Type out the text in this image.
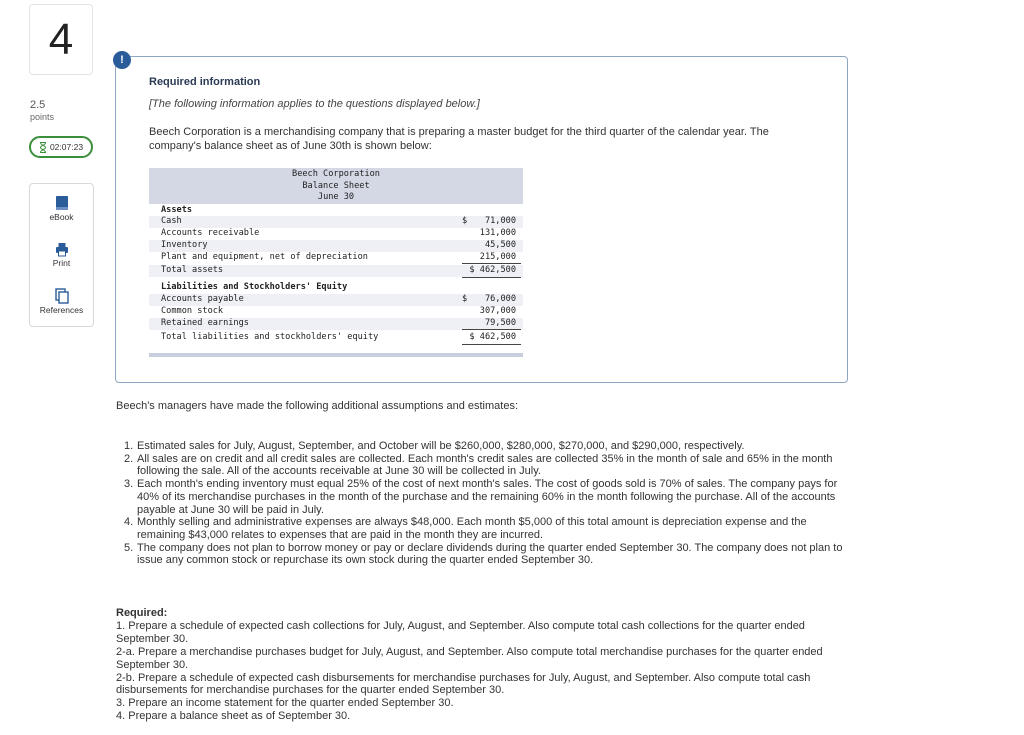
4
2.5
points
02:07:23
eBook
Print
References
!
Required information
[The following information applies to the questions displayed below.]
Beech Corporation is a merchandising company that is preparing a master budget for the third quarter of the calendar year. The company's balance sheet as of June 30th is shown below:
Beech Corporation
Balance Sheet
June 30
Assets
Cash	$ 71,000
Accounts receivable	131,000
Inventory	45,500
Plant and equipment, net of depreciation	215,000
Total assets	$ 462,500
Liabilities and Stockholders' Equity
Accounts payable	$ 76,000
Common stock	307,000
Retained earnings	79,500
Total liabilities and stockholders' equity	$ 462,500
Beech's managers have made the following additional assumptions and estimates:
1. Estimated sales for July, August, September, and October will be $260,000, $280,000, $270,000, and $290,000, respectively.
2. All sales are on credit and all credit sales are collected. Each month's credit sales are collected 35% in the month of sale and 65% in the month following the sale. All of the accounts receivable at June 30 will be collected in July.
3. Each month's ending inventory must equal 25% of the cost of next month's sales. The cost of goods sold is 70% of sales. The company pays for 40% of its merchandise purchases in the month of the purchase and the remaining 60% in the month following the purchase. All of the accounts payable at June 30 will be paid in July.
4. Monthly selling and administrative expenses are always $48,000. Each month $5,000 of this total amount is depreciation expense and the remaining $43,000 relates to expenses that are paid in the month they are incurred.
5. The company does not plan to borrow money or pay or declare dividends during the quarter ended September 30. The company does not plan to issue any common stock or repurchase its own stock during the quarter ended September 30.
Required:
1. Prepare a schedule of expected cash collections for July, August, and September. Also compute total cash collections for the quarter ended September 30.
2-a. Prepare a merchandise purchases budget for July, August, and September. Also compute total merchandise purchases for the quarter ended September 30.
2-b. Prepare a schedule of expected cash disbursements for merchandise purchases for July, August, and September. Also compute total cash disbursements for merchandise purchases for the quarter ended September 30.
3. Prepare an income statement for the quarter ended September 30.
4. Prepare a balance sheet as of September 30.
